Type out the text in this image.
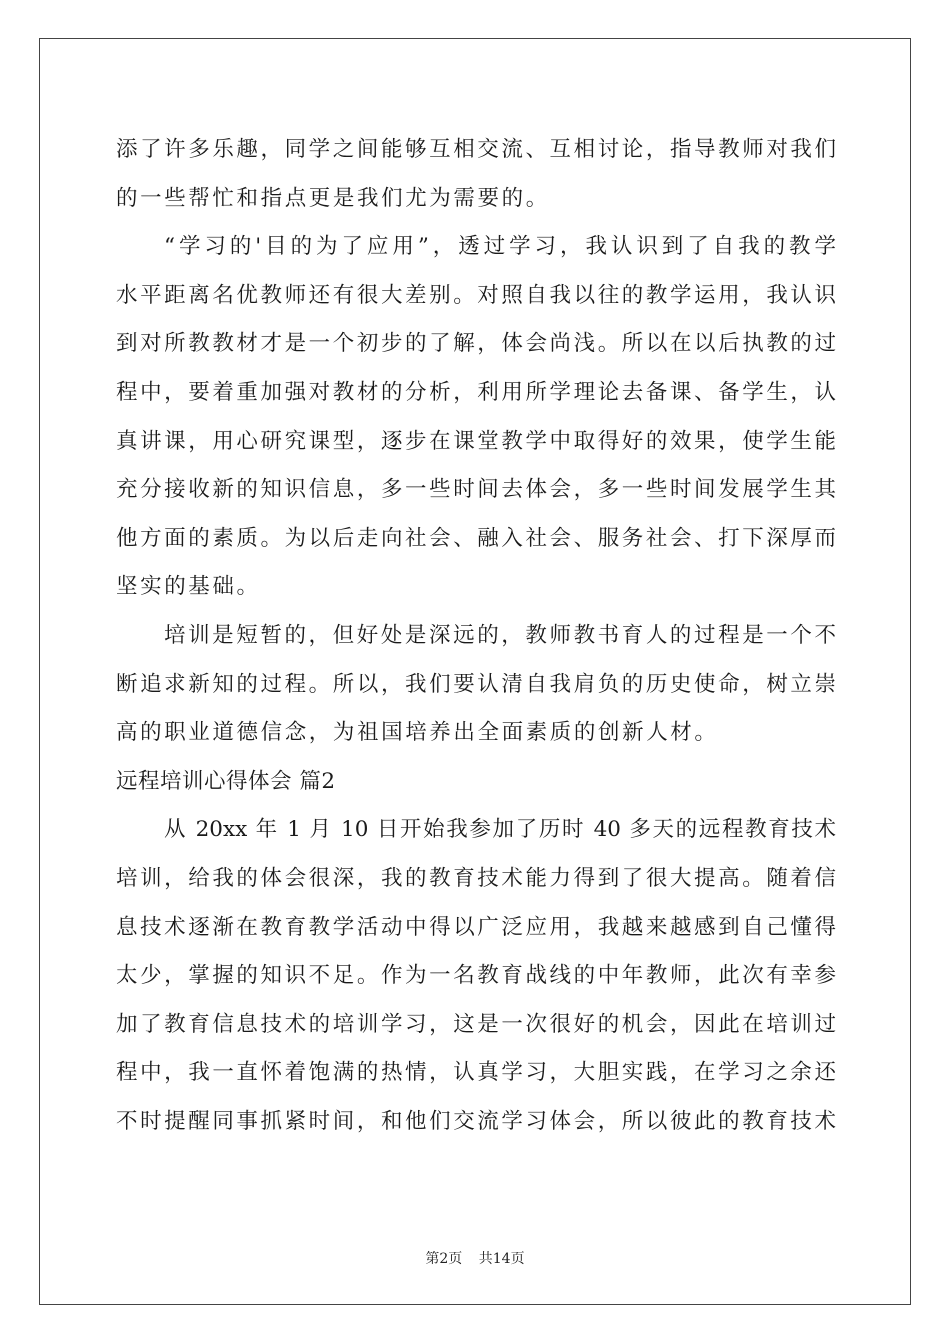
添了许多乐趣，同学之间能够互相交流、互相讨论，指导教师对我们
的一些帮忙和指点更是我们尤为需要的。
“学习的'目的为了应用”，透过学习，我认识到了自我的教学
水平距离名优教师还有很大差别。对照自我以往的教学运用，我认识
到对所教教材才是一个初步的了解，体会尚浅。所以在以后执教的过
程中，要着重加强对教材的分析，利用所学理论去备课、备学生，认
真讲课，用心研究课型，逐步在课堂教学中取得好的效果，使学生能
充分接收新的知识信息，多一些时间去体会，多一些时间发展学生其
他方面的素质。为以后走向社会、融入社会、服务社会、打下深厚而
坚实的基础。
培训是短暂的，但好处是深远的，教师教书育人的过程是一个不
断追求新知的过程。所以，我们要认清自我肩负的历史使命，树立崇
高的职业道德信念，为祖国培养出全面素质的创新人材。
远程培训心得体会 篇2
从 20xx 年 1 月 10 日开始我参加了历时 40 多天的远程教育技术
培训，给我的体会很深，我的教育技术能力得到了很大提高。随着信
息技术逐渐在教育教学活动中得以广泛应用，我越来越感到自己懂得
太少，掌握的知识不足。作为一名教育战线的中年教师，此次有幸参
加了教育信息技术的培训学习，这是一次很好的机会，因此在培训过
程中，我一直怀着饱满的热情，认真学习，大胆实践，在学习之余还
不时提醒同事抓紧时间，和他们交流学习体会，所以彼此的教育技术
第2页 共14页
